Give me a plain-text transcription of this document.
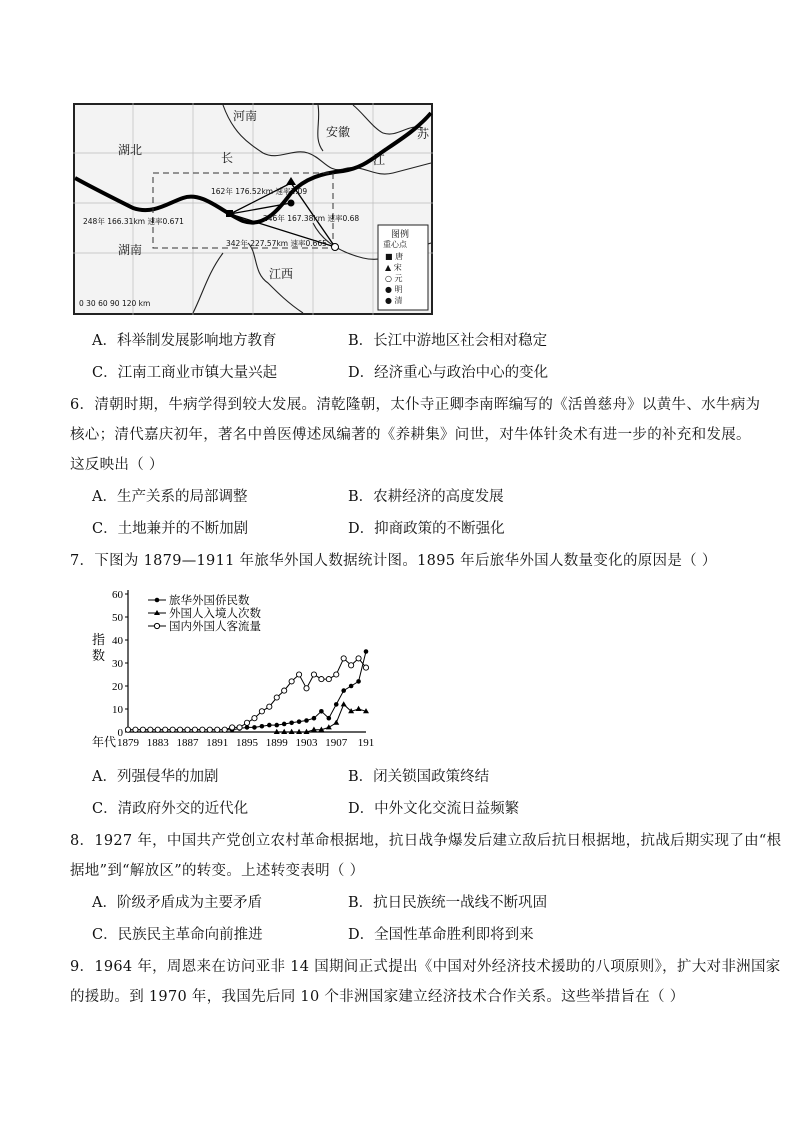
河南
安徽
湖北
长	江
湖南
江西
苏
162年 176.52km 速率1.09
248年 166.31km 速率0.671	246年 167.38km 速率0.68
342年 227.57km 速率0.665
图例
重心点
■ 唐
▲ 宋
○ 元
● 明
● 清
0 30 60 90 120 km
A．科举制发展影响地方教育	B．长江中游地区社会相对稳定
C．江南工商业市镇大量兴起	D．经济重心与政治中心的变化
6．清朝时期，牛病学得到较大发展。清乾隆朝，太仆寺正卿李南晖编写的《活兽慈舟》以黄牛、水牛病为
核心；清代嘉庆初年，著名中兽医傅述凤编著的《养耕集》问世，对牛体针灸术有进一步的补充和发展。
这反映出（ ）
A．生产关系的局部调整	B．农耕经济的高度发展
C．土地兼并的不断加剧	D．抑商政策的不断强化
7．下图为 1879—1911 年旅华外国人数据统计图。1895 年后旅华外国人数量变化的原因是（ ）
0
10
20
30
40
50
60
1879 1883 1887 1891 1895 1899 1903 1907 191
指
数
年代
旅华外国侨民数
外国人入境人次数
国内外国人客流量
A．列强侵华的加剧	B．闭关锁国政策终结
C．清政府外交的近代化	D．中外文化交流日益频繁
8．1927 年，中国共产党创立农村革命根据地，抗日战争爆发后建立敌后抗日根据地，抗战后期实现了由“根
据地”到“解放区”的转变。上述转变表明（ ）
A．阶级矛盾成为主要矛盾	B．抗日民族统一战线不断巩固
C．民族民主革命向前推进	D．全国性革命胜利即将到来
9．1964 年，周恩来在访问亚非 14 国期间正式提出《中国对外经济技术援助的八项原则》，扩大对非洲国家
的援助。到 1970 年，我国先后同 10 个非洲国家建立经济技术合作关系。这些举措旨在（ ）
